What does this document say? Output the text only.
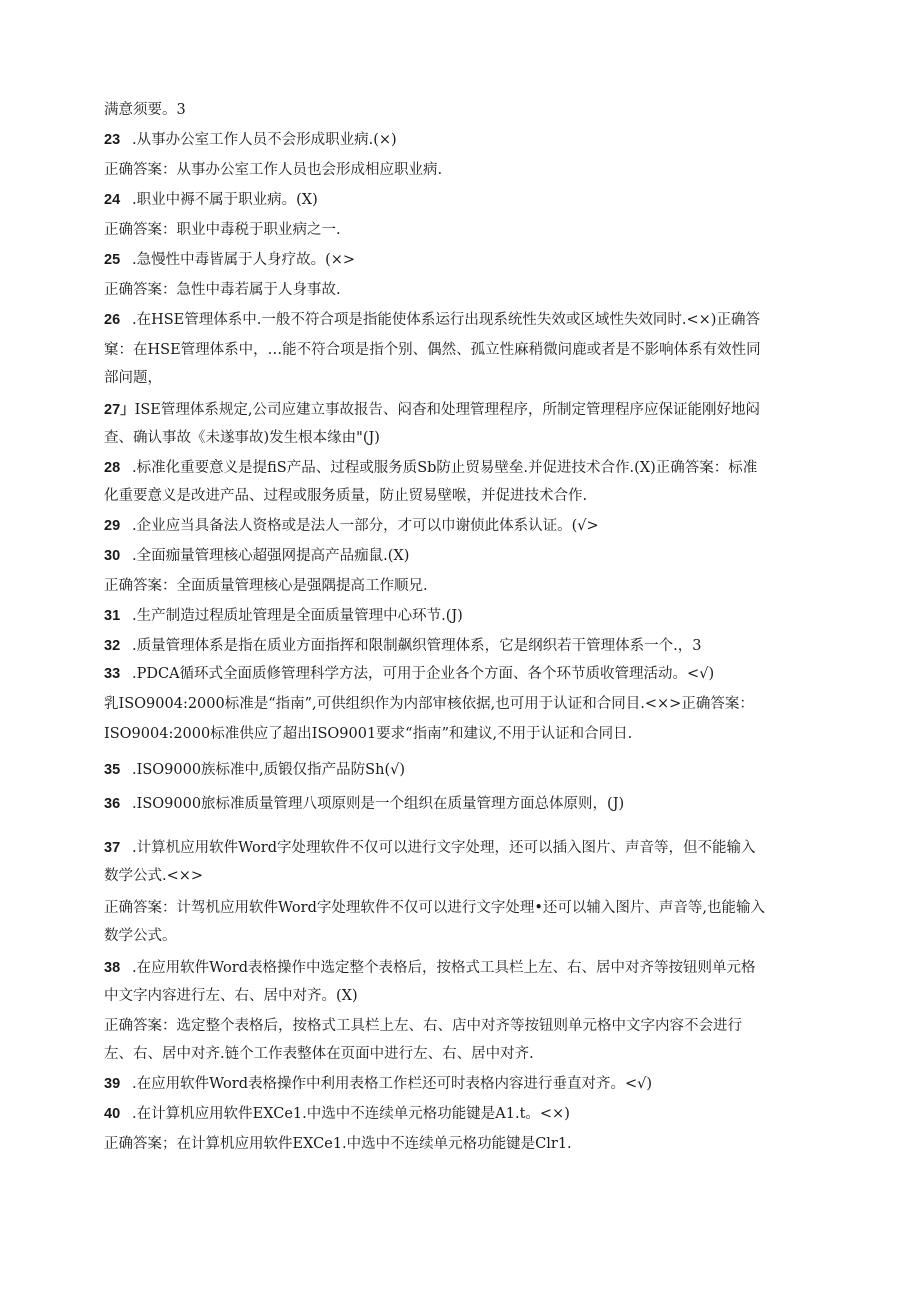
满意须要。3
23 .从事办公室工作人员不会形成职业病.(×)
正确答案：从事办公室工作人员也会形成相应职业病.
24 .职业中褥不属于职业病。(X)
正确答案：职业中毒税于职业病之一.
25 .急慢性中毒皆属于人身疗故。(×>
正确答案：急性中毒若属于人身事故.
26 .在HSE管理体系中.一般不符合项是指能使体系运行出现系统性失效或区域性失效同时.<×)正确答
窠：在HSE管理体系中，…能不符合项是指个别、偶然、孤立性麻稍微问鹿或者是不影响体系有效性同
部问题，
27」ISE管理体系规定,公司应建立事故报告、闷杳和处理管理程序，所制定管理程序应保证能刚好地闷
查、确认事故《未遂事故)发生根本缘由"(J)
28 .标准化重要意义是提fiS产品、过程或服务质Sb防止贸易壁垒.并促进技术合作.(X)正确答案：标准
化重要意义是改进产品、过程或服务质量，防止贸易壁喉，并促进技术合作.
29 .企业应当具备法人资格或是法人一部分，才可以巾谢侦此体系认证。(√>
30 .全面痂量管理核心超强网提高产品痂鼠.(X)
正确答案：全面质量管理核心是强隅提高工作顺兄.
31 .生产制造过程质址管理是全面质量管理中心环节.(J)
32 .质量管理体系是指在质业方面指挥和限制飙织管理体系，它是纲织若干管理体系一个.，3
33 .PDCA循环式全面质修管理科学方法，可用于企业各个方面、各个环节质收管理活动。<√)
乳ISO9004:2000标准是“指南”,可供组织作为内部审核依据,也可用于认证和合同目.<×>正确答案：
ISO9004:2000标准供应了超出ISO9001要求“指南”和建议,不用于认证和合同日.
35 .ISO9000族标准中,质锻仅指产品防Sh(√)
36 .ISO9000旅标准质量管理八项原则是一个组织在质量管理方面总体原则，(J)
37 .计算机应用软件Word字处理软件不仅可以进行文字处理，还可以插入图片、声音等，但不能输入
数学公式.<×>
正确答案：计驾机应用软件Word字处理软件不仅可以进行文字处理•还可以辅入图片、声音等,也能输入
数学公式。
38 .在应用软件Word表格操作中选定整个表格后，按格式工具栏上左、右、居中对齐等按钮则单元格
中文字内容进行左、右、居中对齐。(X)
正确答案：选定整个表格后，按格式工具栏上左、右、店中对齐等按钮则单元格中文字内容不会进行
左、右、居中对齐.链个工作表整体在页面中进行左、右、居中对齐.
39 .在应用软件Word表格操作中利用表格工作栏还可时表格内容进行垂直对齐。<√)
40 .在计算机应用软件EXCe1.中选中不连续单元格功能键是A1.t。<×)
正确答案；在计算机应用软件EXCe1.中选中不连续单元格功能键是Clr1.
